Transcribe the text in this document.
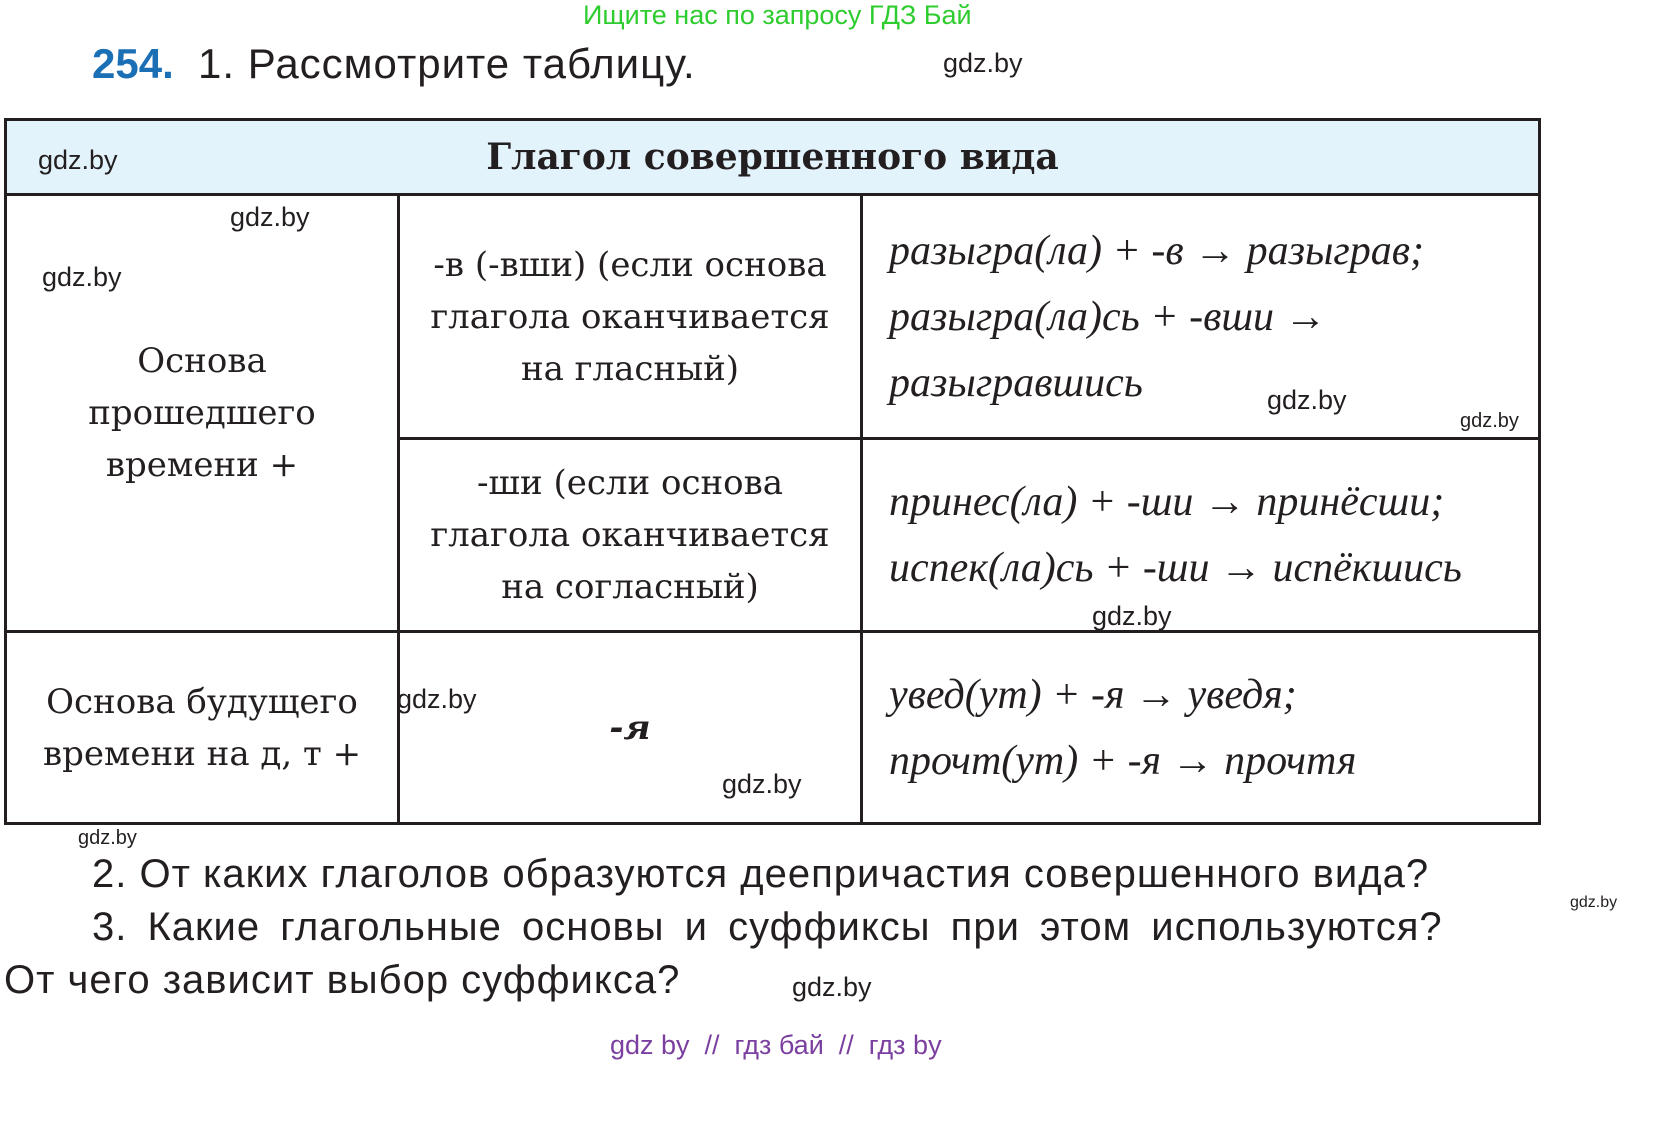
Ищите нас по запросу ГДЗ Бай
254. 1. Рассмотрите таблицу.	gdz.by
Глагол совершенного вида		
Основа прошедшего времени +	-в (-вши) (если основа глагола оканчивается на гласный)	разыгра(ла) + -в → разыграв;
разыгра(ла)сь + -вши →
разыгравшись

	-ши (если основа глагола оканчивается на согласный)	принес(ла) + -ши → принёсши;
испек(ла)сь + -ши → испёкшись

Основа будущего времени на д, т +	-я	увед(ут) + -я → уведя;
прочт(ут) + -я → прочтя
gdz.by
gdz.by
gdz.by
gdz.by
gdz.by
gdz.by
gdz.by
gdz.by
gdz.by
gdz.by
gdz.by
2. От каких глаголов образуются деепричастия совершенного вида?
3. Какие глагольные основы и суффиксы при этом используются?
От чего зависит выбор суффикса?
gdz by  //  гдз бай  //  гдз by
